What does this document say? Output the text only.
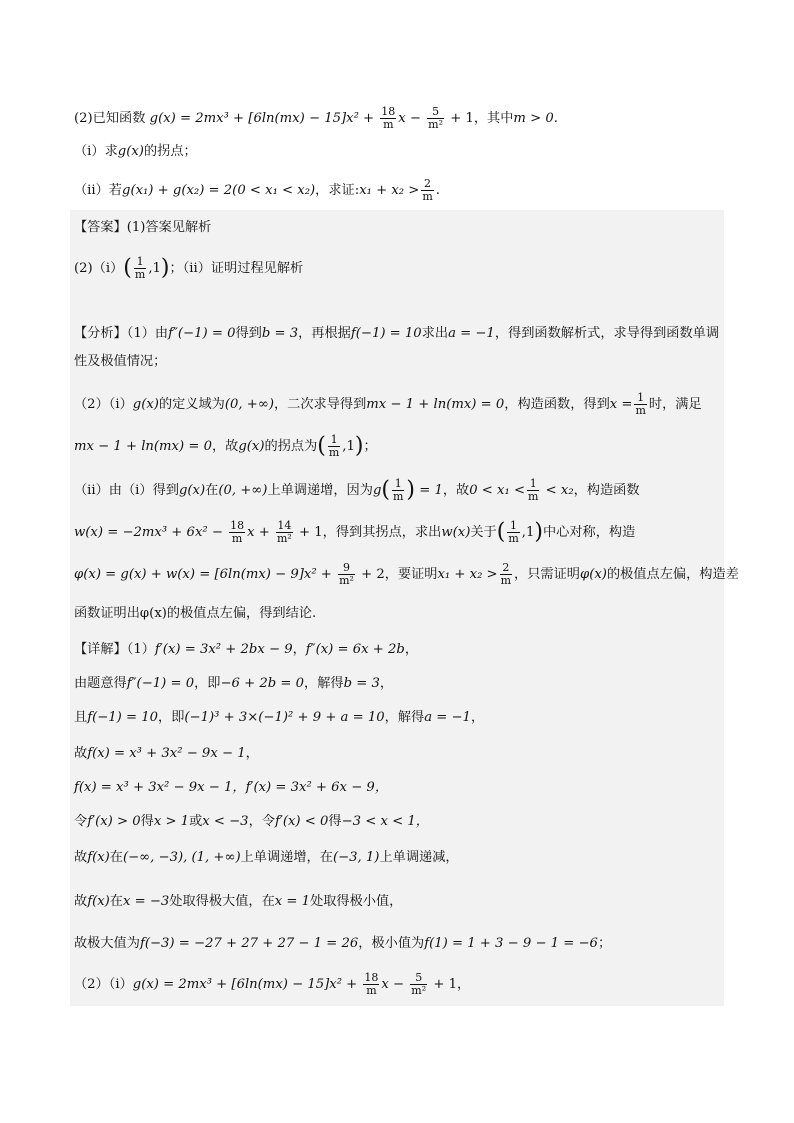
(2)已知函数 $g(x) = 2mx^3 + [6\ln(mx) - 15]x^2 + \frac{18}{m}$ $x - \frac{5}{\text{m²}} + 1$，其中m > 0.
（i）求g(x)的拐点；
（ii）若g(x₁) + g(x₂) = 2(0 < x₁ < x₂)，求证:x₁ + $x_2 > \frac{2}{m}$ .
【答案】(1)答案见解析
$(2)(i)( \frac{1}{m} ,1)$；（ii）证明过程见解析
【分析】（1）由f″(−1) = 0得到b = 3，再根据f(−1) = 10求出a = −1，得到函数解析式，求导得到函数单调
性及极值情况；
（2）（i）g(x)的定义域为(0, +∞)，二次求导得到mx − 1 + ln(mx) = 0，构造函数，得到$x = \frac{1}{m}$ 时，满足
mx − 1 + ln(mx) = 0，故g(x)的拐点为( $\frac{1}{m} ,1$)；
（ii）由（i）得到g(x)在(0, +∞)上单调递增，因为$g( \frac{1}{m}$ ) = 1，故$0 < x_1 < \frac{1}{m} < x_2$，构造函数
$w(x) = -2mx^3 + 6x^2 - \frac{18}{m}$ $x + \frac{14}{\text{m²}} + 1$，得到其拐点，求出w(x)关于( $\frac{1}{m} ,1$)中心对称，构造
$\varphi(x) = g(x) + w(x) = [6\ln(mx) - 9]x^2 + \frac{9}{\text{m²}} + 2$，要证明$x_1 + x_2 > \frac{2}{m}$ ，只需证明φ(x)的极值点左偏，构造差
函数证明出φ(x)的极值点左偏，得到结论.
【详解】（1）f′(x) = 3x² + 2bx − 9，f″(x) = 6x + 2b，
由题意得f″(−1) = 0，即−6 + 2b = 0，解得b = 3，
且f(−1) = 10，即(−1)³ + 3×(−1)² + 9 + a = 10，解得a = −1，
故f(x) = x³ + 3x² − 9x − 1，
f(x) = x³ + 3x² − 9x − 1，f′(x) = 3x² + 6x − 9，
令f′(x) > 0得x > 1或x < −3，令f′(x) < 0得−3 < x < 1，
故f(x)在(−∞, −3), (1, +∞)上单调递增，在(−3, 1)上单调递减，
故f(x)在x = −3处取得极大值，在x = 1处取得极小值，
故极大值为f(−3) = −27 + 27 + 27 − 1 = 26，极小值为f(1) = 1 + 3 − 9 − 1 = −6；
$(2)(i)g(x) = 2mx^3 + [6\ln(mx) - 15]x^2 + \frac{18}{m}$ $x - \frac{5}{\text{m²}} + 1$，
